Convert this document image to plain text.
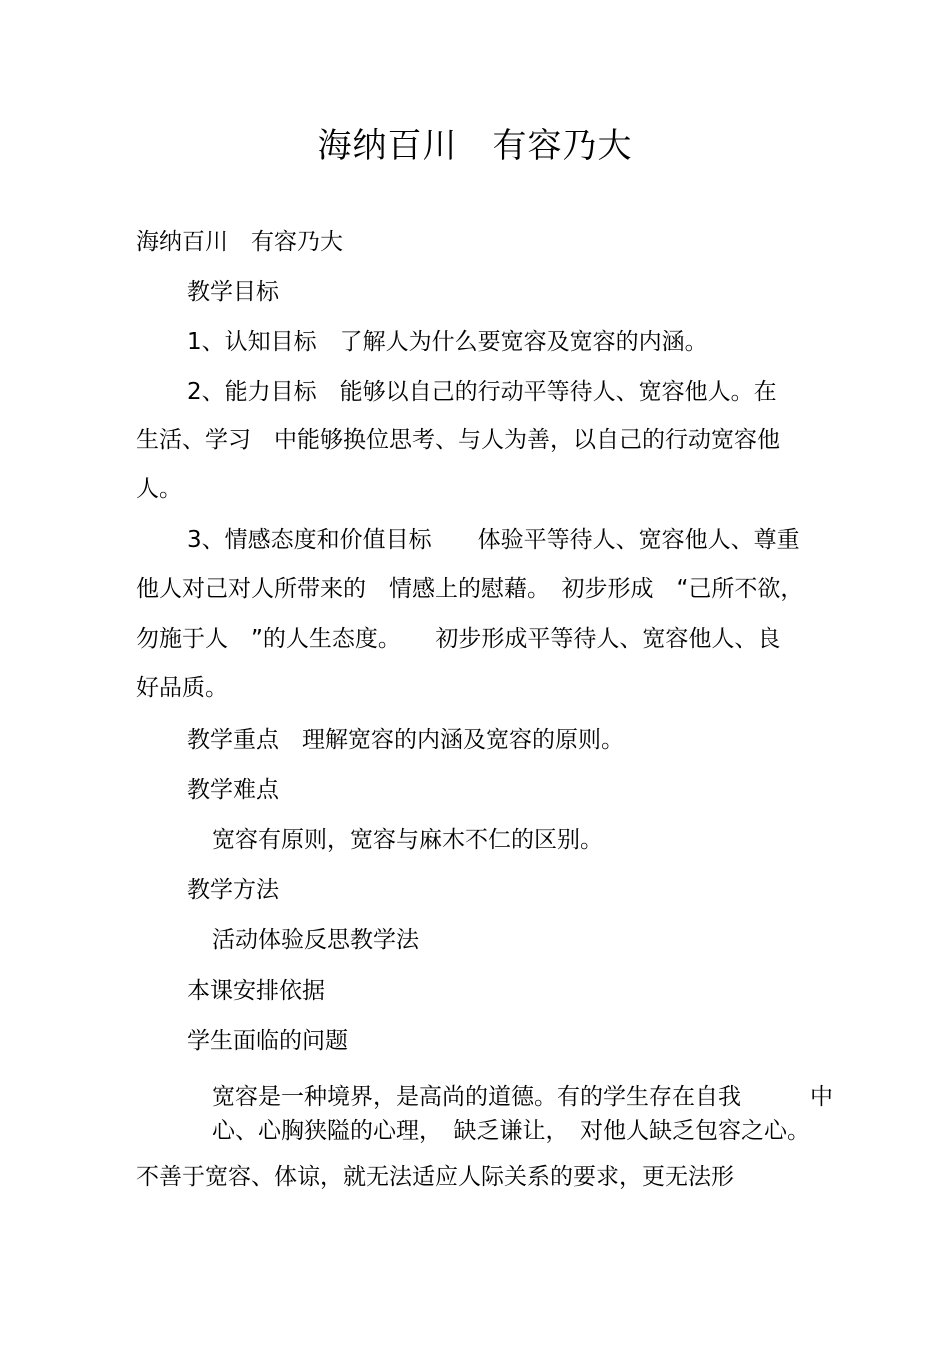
海纳百川　有容乃大
海纳百川　有容乃大
教学目标
1、认知目标　了解人为什么要宽容及宽容的内涵。
2、能力目标　能够以自己的行动平等待人、宽容他人。在
生活、学习　中能够换位思考、与人为善，以自己的行动宽容他
人。
3、情感态度和价值目标　　体验平等待人、宽容他人、尊重
他人对己对人所带来的　情感上的慰藉。　初步形成　“己所不欲，
勿施于人　”的人生态度。　　初步形成平等待人、宽容他人、良
好品质。
教学重点　理解宽容的内涵及宽容的原则。
教学难点
宽容有原则，宽容与麻木不仁的区别。
教学方法
活动体验反思教学法
本课安排依据
学生面临的问题
宽容是一种境界，是高尚的道德。有的学生存在自我　　　中
心、心胸狭隘的心理，　缺乏谦让，　对他人缺乏包容之心。
不善于宽容、体谅，就无法适应人际关系的要求，更无法形
